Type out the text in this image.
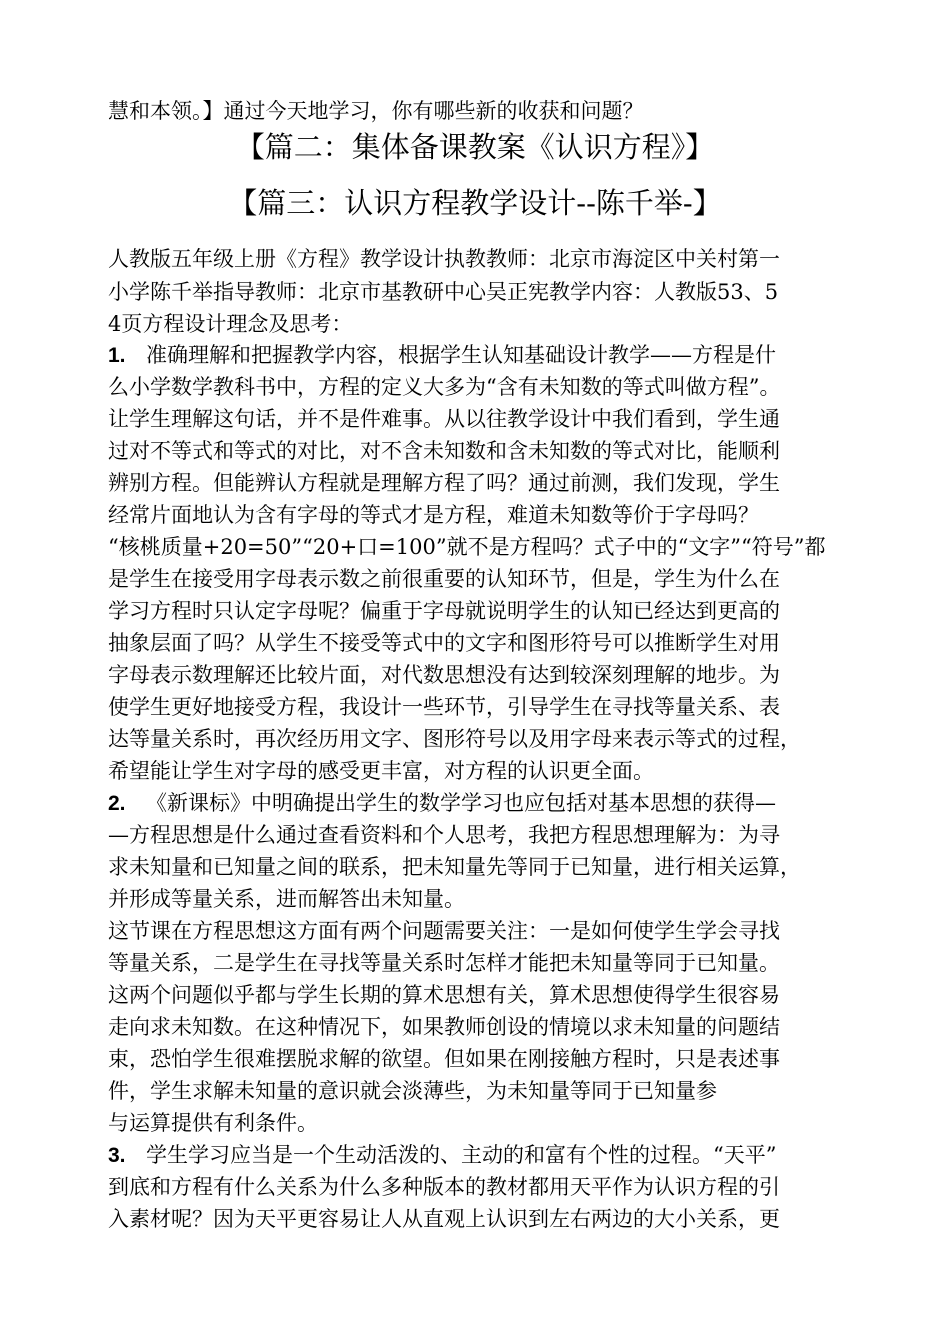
慧和本领。】通过今天地学习，你有哪些新的收获和问题？
【篇二：集体备课教案《认识方程》】
【篇三：认识方程教学设计--陈千举-】
人教版五年级上册《方程》教学设计执教教师：北京市海淀区中关村第一
小学陈千举指导教师：北京市基教研中心吴正宪教学内容：人教版53、5
4页方程设计理念及思考：
1. 准确理解和把握教学内容，根据学生认知基础设计教学——方程是什
么小学数学教科书中，方程的定义大多为“含有未知数的等式叫做方程”。
让学生理解这句话，并不是件难事。从以往教学设计中我们看到，学生通
过对不等式和等式的对比，对不含未知数和含未知数的等式对比，能顺利
辨别方程。但能辨认方程就是理解方程了吗？通过前测，我们发现，学生
经常片面地认为含有字母的等式才是方程，难道未知数等价于字母吗？
“核桃质量+20=50”“20+口=100”就不是方程吗？式子中的“文字”“符号”都
是学生在接受用字母表示数之前很重要的认知环节，但是，学生为什么在
学习方程时只认定字母呢？偏重于字母就说明学生的认知已经达到更高的
抽象层面了吗？从学生不接受等式中的文字和图形符号可以推断学生对用
字母表示数理解还比较片面，对代数思想没有达到较深刻理解的地步。为
使学生更好地接受方程，我设计一些环节，引导学生在寻找等量关系、表
达等量关系时，再次经历用文字、图形符号以及用字母来表示等式的过程，
希望能让学生对字母的感受更丰富，对方程的认识更全面。
2. 《新课标》中明确提出学生的数学学习也应包括对基本思想的获得—
—方程思想是什么通过查看资料和个人思考，我把方程思想理解为：为寻
求未知量和已知量之间的联系，把未知量先等同于已知量，进行相关运算，
并形成等量关系，进而解答出未知量。
这节课在方程思想这方面有两个问题需要关注：一是如何使学生学会寻找
等量关系，二是学生在寻找等量关系时怎样才能把未知量等同于已知量。
这两个问题似乎都与学生长期的算术思想有关，算术思想使得学生很容易
走向求未知数。在这种情况下，如果教师创设的情境以求未知量的问题结
束，恐怕学生很难摆脱求解的欲望。但如果在刚接触方程时，只是表述事
件，学生求解未知量的意识就会淡薄些，为未知量等同于已知量参
与运算提供有利条件。
3. 学生学习应当是一个生动活泼的、主动的和富有个性的过程。“天平”
到底和方程有什么关系为什么多种版本的教材都用天平作为认识方程的引
入素材呢？因为天平更容易让人从直观上认识到左右两边的大小关系，更
